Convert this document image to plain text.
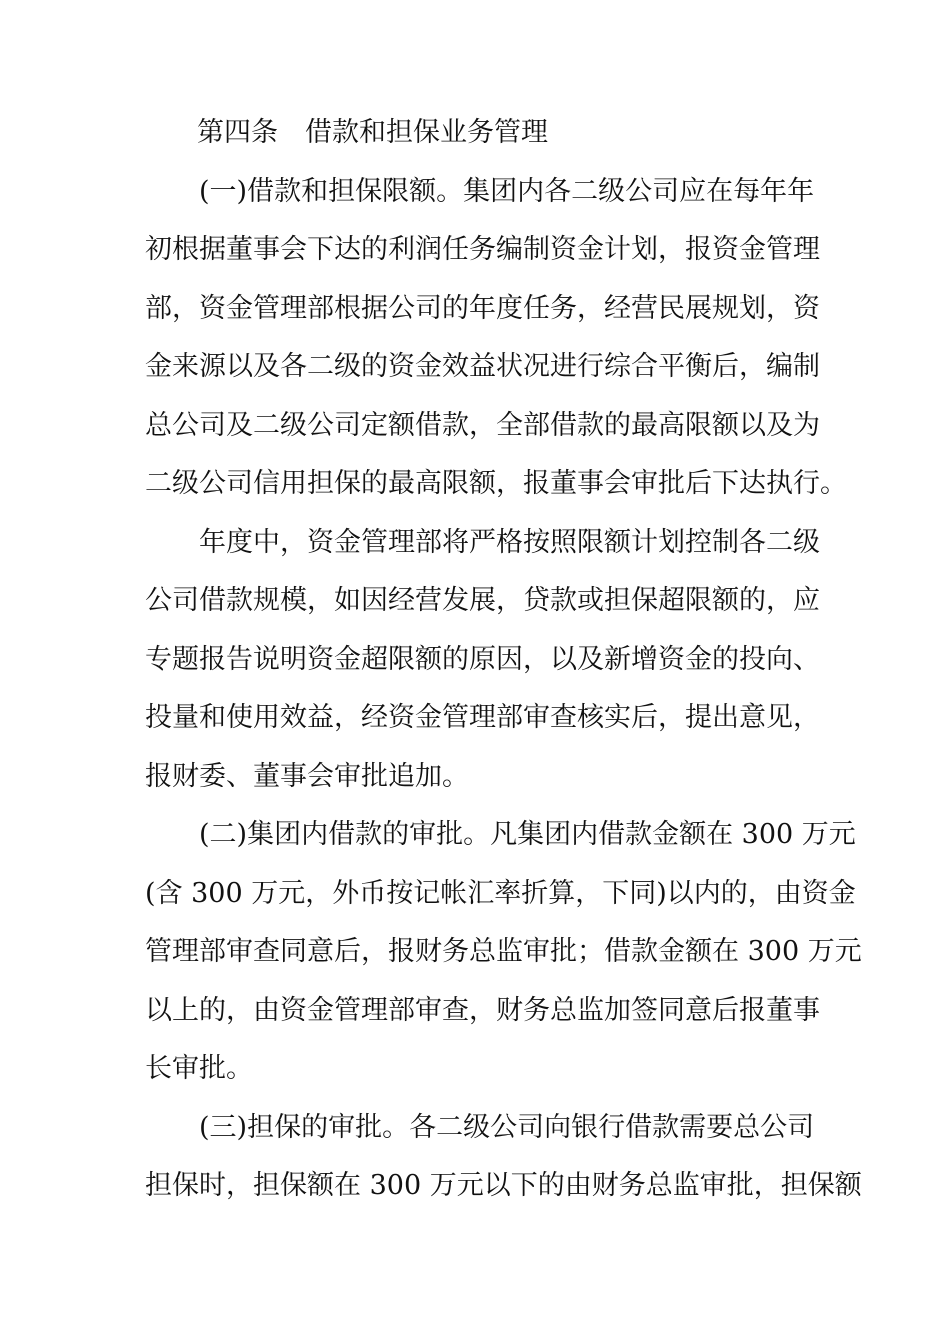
第四条　借款和担保业务管理
(一)借款和担保限额。集团内各二级公司应在每年年
初根据董事会下达的利润任务编制资金计划，报资金管理
部，资金管理部根据公司的年度任务，经营民展规划，资
金来源以及各二级的资金效益状况进行综合平衡后，编制
总公司及二级公司定额借款，全部借款的最高限额以及为
二级公司信用担保的最高限额，报董事会审批后下达执行。
年度中，资金管理部将严格按照限额计划控制各二级
公司借款规模，如因经营发展，贷款或担保超限额的，应
专题报告说明资金超限额的原因，以及新增资金的投向、
投量和使用效益，经资金管理部审查核实后，提出意见，
报财委、董事会审批追加。
(二)集团内借款的审批。凡集团内借款金额在 300 万元
(含 300 万元，外币按记帐汇率折算，下同)以内的，由资金
管理部审查同意后，报财务总监审批；借款金额在 300 万元
以上的，由资金管理部审查，财务总监加签同意后报董事
长审批。
(三)担保的审批。各二级公司向银行借款需要总公司
担保时，担保额在 300 万元以下的由财务总监审批，担保额
